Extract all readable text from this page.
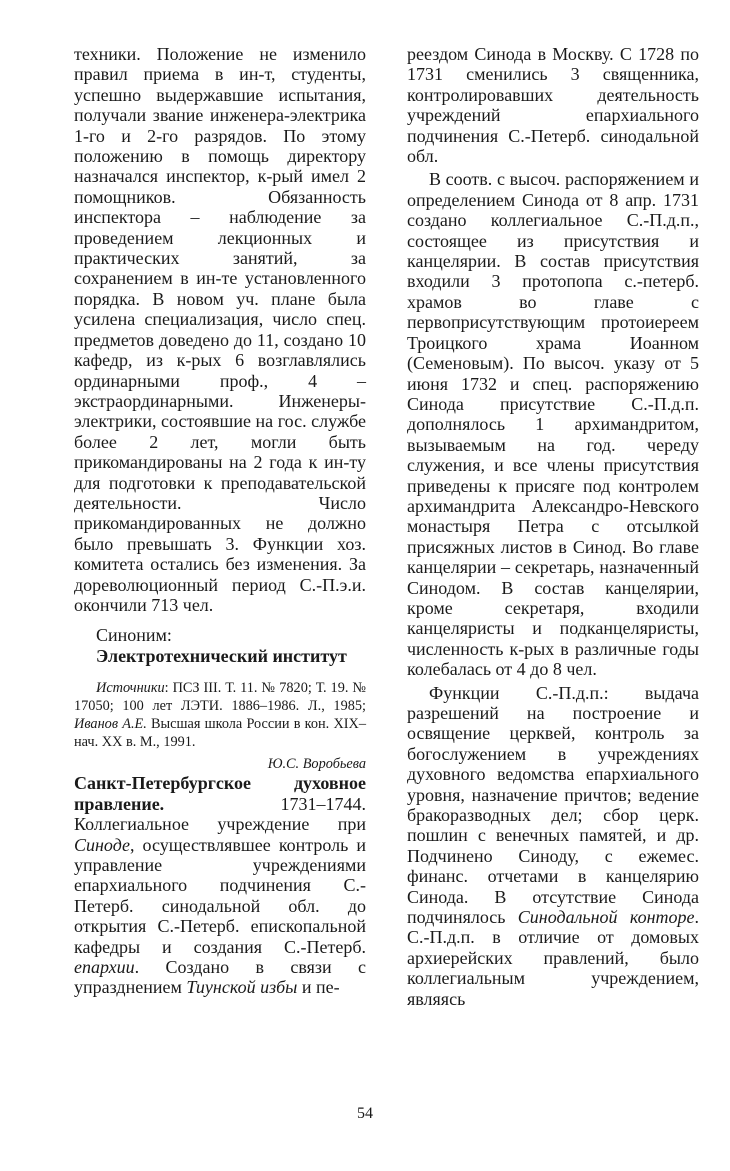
техники. Положение не изменило правил приема в ин-т, студенты, успешно выдержавшие испытания, получали звание инженера-электрика 1-го и 2-го разрядов. По этому положению в помощь директору назначался инспектор, к-рый имел 2 помощников. Обязанность инспектора – наблюдение за проведением лекционных и практических занятий, за сохранением в ин-те установленного порядка. В новом уч. плане была усилена специализация, число спец. предметов доведено до 11, создано 10 кафедр, из к-рых 6 возглавлялись ординарными проф., 4 – экстраординарными. Инженеры-электрики, состоявшие на гос. службе более 2 лет, могли быть прикомандированы на 2 года к ин-ту для подготовки к преподавательской деятельности. Число прикомандированных не должно было превышать 3. Функции хоз. комитета остались без изменения. За дореволюционный период С.-П.э.и. окончили 713 чел.

Синоним:
Электротехнический институт
Источники: ПСЗ III. Т. 11. № 7820; Т. 19. № 17050; 100 лет ЛЭТИ. 1886–1986. Л., 1985; Иванов А.Е. Высшая школа России в кон. XIX–нач. XX в. М., 1991.
Ю.С. Воробьева

Санкт-Петербургское духовное правление. 1731–1744. Коллегиальное учреждение при Синоде, осуществлявшее контроль и управление учреждениями епархиального подчинения С.-Петерб. синодальной обл. до открытия С.-Петерб. епископальной кафедры и создания С.-Петерб. епархии. Создано в связи с упразднением Тиунской избы и пе-

реездом Синода в Москву. С 1728 по 1731 сменились 3 священника, контролировавших деятельность учреждений епархиального подчинения С.-Петерб. синодальной обл.

В соотв. с высоч. распоряжением и определением Синода от 8 апр. 1731 создано коллегиальное С.-П.д.п., состоящее из присутствия и канцелярии. В состав присутствия входили 3 протопопа с.-петерб. храмов во главе с первоприсутствующим протоиереем Троицкого храма Иоанном (Семеновым). По высоч. указу от 5 июня 1732 и спец. распоряжению Синода присутствие С.-П.д.п. дополнялось 1 архимандритом, вызываемым на год. череду служения, и все члены присутствия приведены к присяге под контролем архимандрита Александро-Невского монастыря Петра с отсылкой присяжных листов в Синод. Во главе канцелярии – секретарь, назначенный Синодом. В состав канцелярии, кроме секретаря, входили канцеляристы и подканцеляристы, численность к-рых в различные годы колебалась от 4 до 8 чел.

Функции С.-П.д.п.: выдача разрешений на построение и освящение церквей, контроль за богослужением в учреждениях духовного ведомства епархиального уровня, назначение причтов; ведение бракоразводных дел; сбор церк. пошлин с венечных памятей, и др. Подчинено Синоду, с ежемес. финанс. отчетами в канцелярию Синода. В отсутствие Синода подчинялось Синодальной конторе. С.-П.д.п. в отличие от домовых архиерейских правлений, было коллегиальным учреждением, являясь

54
